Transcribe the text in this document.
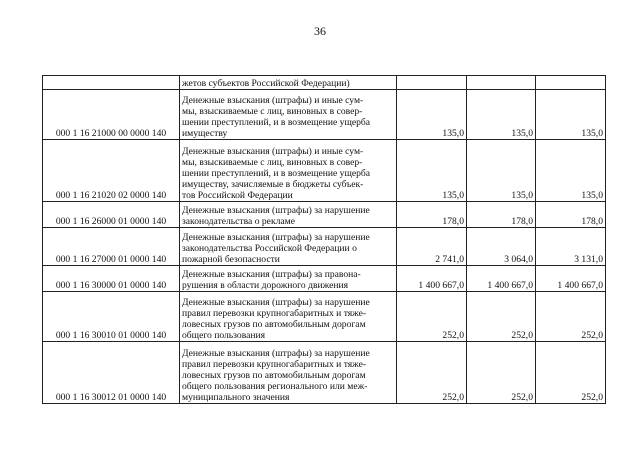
36
	жетов субъектов Российской Федерации)			
000 1 16 21000 00 0000 140	Денежные взыскания (штрафы) и иные сум-
мы, взыскиваемые с лиц, виновных в совер-
шении преступлений, и в возмещение ущерба
имуществу	135,0	135,0	135,0
000 1 16 21020 02 0000 140	Денежные взыскания (штрафы) и иные сум-
мы, взыскиваемые с лиц, виновных в совер-
шении преступлений, и в возмещение ущерба
имуществу, зачисляемые в бюджеты субъек-
тов Российской Федерации	135,0	135,0	135,0
000 1 16 26000 01 0000 140	Денежные взыскания (штрафы) за нарушение
законодательства о рекламе	178,0	178,0	178,0
000 1 16 27000 01 0000 140	Денежные взыскания (штрафы) за нарушение
законодательства Российской Федерации о
пожарной безопасности	2 741,0	3 064,0	3 131,0
000 1 16 30000 01 0000 140	Денежные взыскания (штрафы) за правона-
рушения в области дорожного движения	1 400 667,0	1 400 667,0	1 400 667,0
000 1 16 30010 01 0000 140	Денежные взыскания (штрафы) за нарушение
правил перевозки крупногабаритных и тяже-
ловесных грузов по автомобильным дорогам
общего пользования	252,0	252,0	252,0
000 1 16 30012 01 0000 140	Денежные взыскания (штрафы) за нарушение
правил перевозки крупногабаритных и тяже-
ловесных грузов по автомобильным дорогам
общего пользования регионального или меж-
муниципального значения	252,0	252,0	252,0
